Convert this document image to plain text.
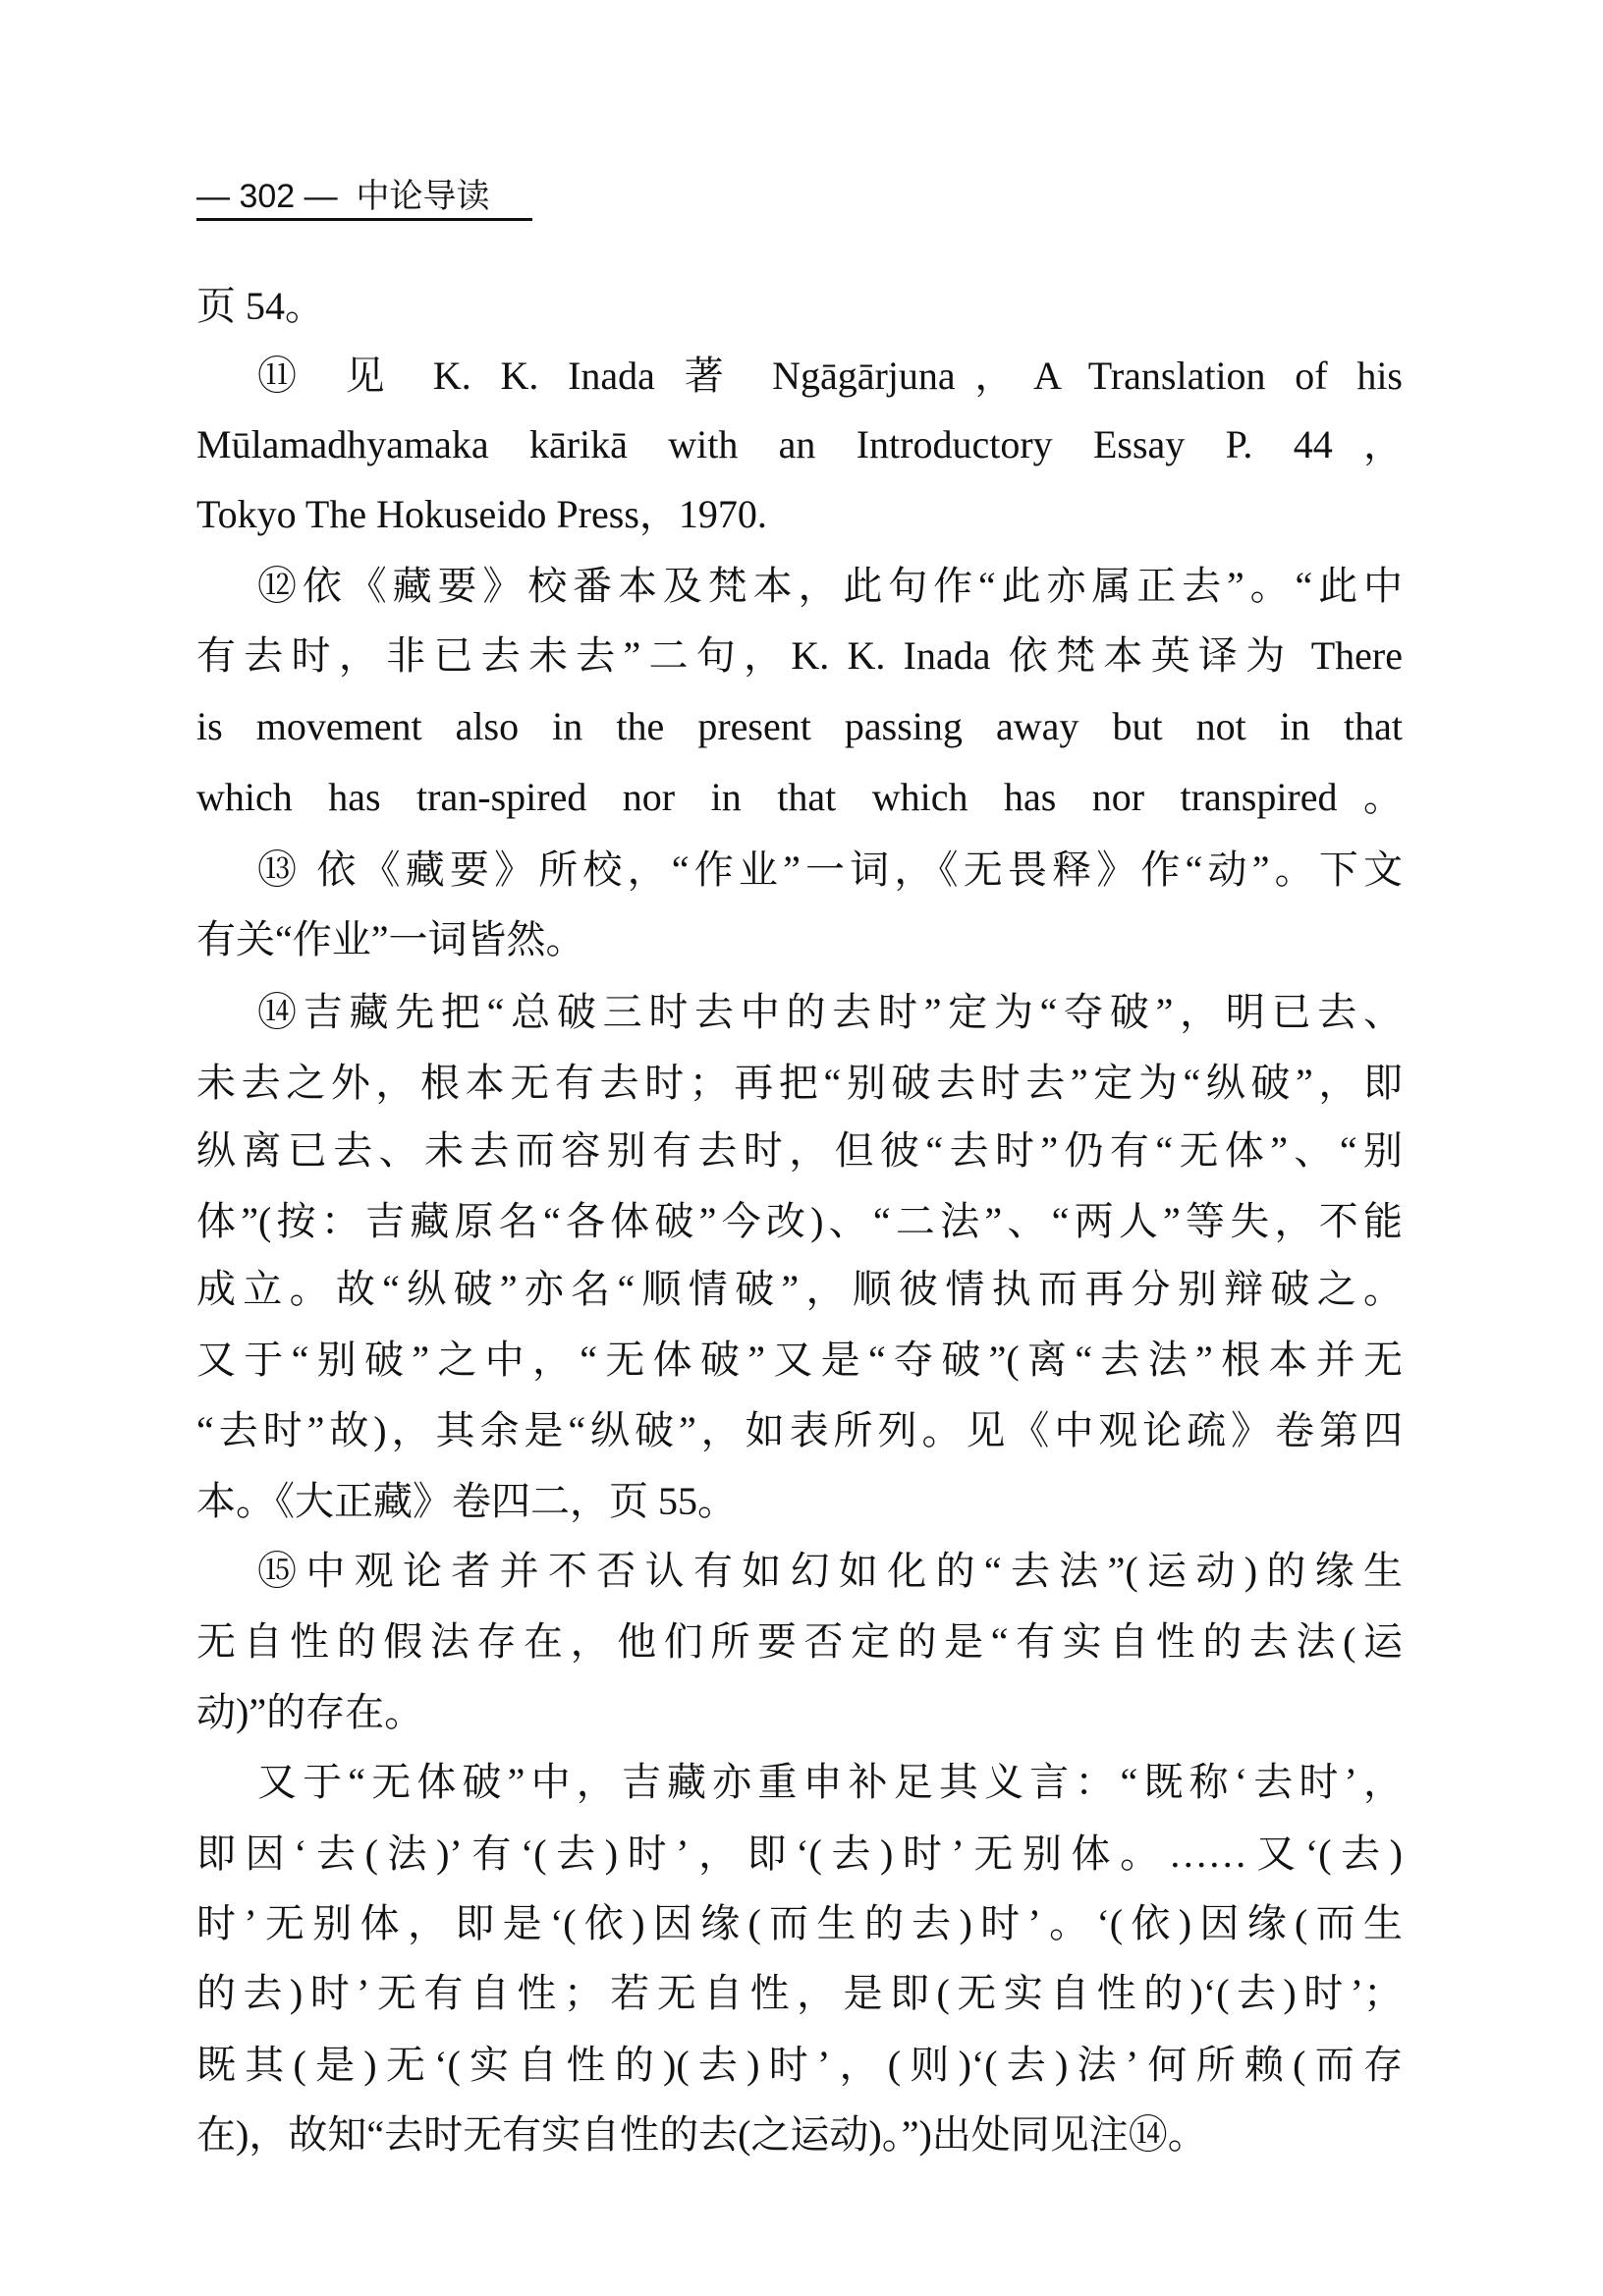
— 302 — 中论导读
页 54。
⑪ 见 K. K. Inada 著 Ngāgārjuna，A Translation of his
Mūlamadhyamaka kārikā with an Introductory Essay P. 44，
Tokyo The Hokuseido Press，1970.
⑫依《藏要》校番本及梵本，此句作“此亦属正去”。“此中
有去时，非已去未去”二句，K. K. Inada 依梵本英译为 There
is movement also in the present passing away but not in that
which has tran-spired nor in that which has nor transpired。
⑬ 依《藏要》所校，“作业”一词，《无畏释》作“动”。下文
有关“作业”一词皆然。
⑭吉藏先把“总破三时去中的去时”定为“夺破”，明已去、
未去之外，根本无有去时；再把“别破去时去”定为“纵破”，即
纵离已去、未去而容别有去时，但彼“去时”仍有“无体”、“别
体”(按：吉藏原名“各体破”今改)、“二法”、“两人”等失，不能
成立。故“纵破”亦名“顺情破”，顺彼情执而再分别辩破之。
又于“别破”之中，“无体破”又是“夺破”(离“去法”根本并无
“去时”故)，其余是“纵破”，如表所列。见《中观论疏》卷第四
本。《大正藏》卷四二，页 55。
⑮中观论者并不否认有如幻如化的“去法”(运动)的缘生
无自性的假法存在，他们所要否定的是“有实自性的去法(运
动)”的存在。
又于“无体破”中，吉藏亦重申补足其义言：“既称‘去时’，
即因‘去(法)’有‘(去)时’，即‘(去)时’无别体。……又‘(去)
时’无别体，即是‘(依)因缘(而生的去)时’。‘(依)因缘(而生
的去)时’无有自性；若无自性，是即(无实自性的)‘(去)时’；
既其(是)无‘(实自性的)(去)时’，(则)‘(去)法’何所赖(而存
在)，故知“去时无有实自性的去(之运动)。”)出处同见注⑭。
